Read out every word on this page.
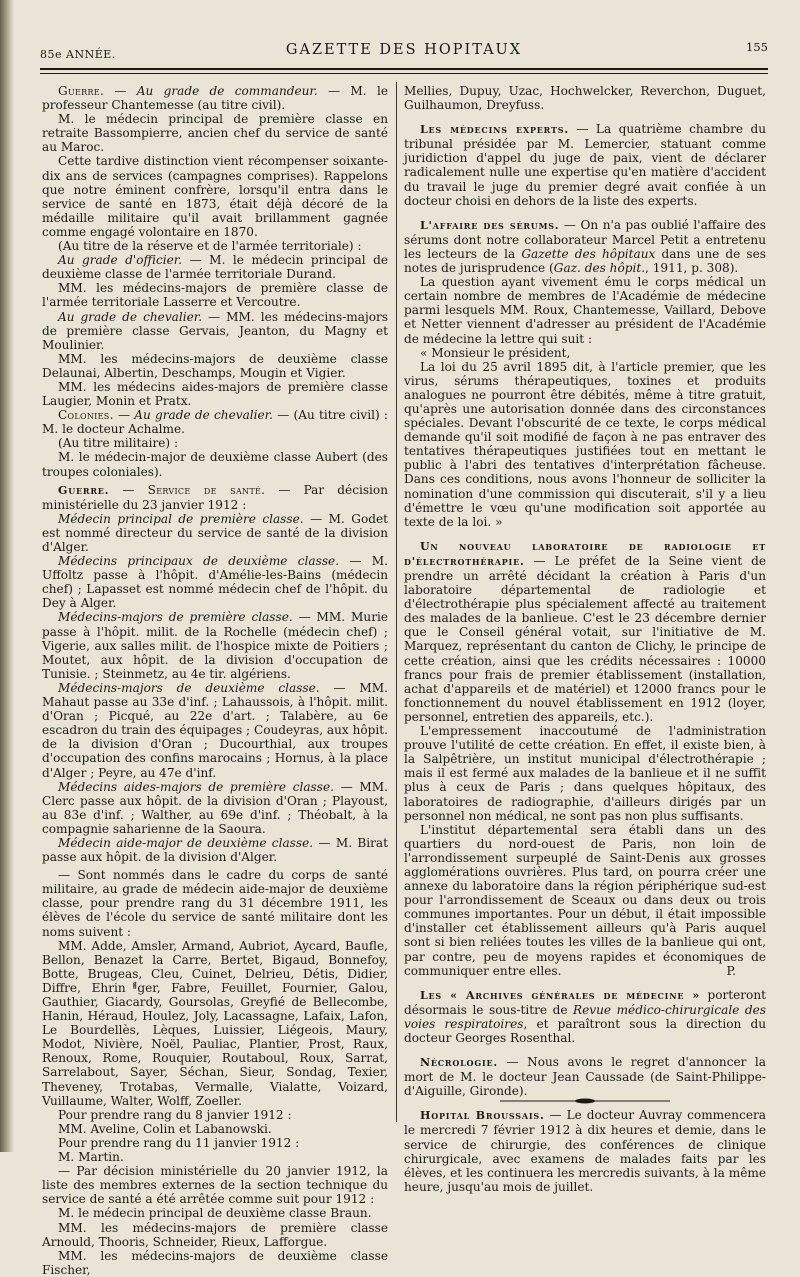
85e ANNÉE.	GAZETTE DES HOPITAUX	155

Guerre. — Au grade de commandeur. — M. le professeur Chantemesse (au titre civil).

M. le médecin principal de première classe en retraite Bassompierre, ancien chef du service de santé au Maroc.

Cette tardive distinction vient récompenser soixante-dix ans de services (campagnes comprises). Rappelons que notre éminent confrère, lorsqu'il entra dans le service de santé en 1873, était déjà décoré de la médaille militaire qu'il avait brillamment gagnée comme engagé volontaire en 1870.

(Au titre de la réserve et de l'armée territoriale) :

Au grade d'officier. — M. le médecin principal de deuxième classe de l'armée territoriale Durand.

MM. les médecins-majors de première classe de l'armée territoriale Lasserre et Vercoutre.

Au grade de chevalier. — MM. les médecins-majors de première classe Gervais, Jeanton, du Magny et Moulinier.

MM. les médecins-majors de deuxième classe Delaunai, Albertin, Deschamps, Mougin et Vigier.

MM. les médecins aides-majors de première classe Laugier, Monin et Pratx.

Colonies. — Au grade de chevalier. — (Au titre civil) : M. le docteur Achalme.

(Au titre militaire) :

M. le médecin-major de deuxième classe Aubert (des troupes coloniales).

Guerre. — Service de santé. — Par décision ministérielle du 23 janvier 1912 :

Médecin principal de première classe. — M. Godet est nommé directeur du service de santé de la division d'Alger.

Médecins principaux de deuxième classe. — M. Uffoltz passe à l'hôpit. d'Amélie-les-Bains (médecin chef) ; Lapasset est nommé médecin chef de l'hôpit. du Dey à Alger.

Médecins-majors de première classe. — MM. Murie passe à l'hôpit. milit. de la Rochelle (médecin chef) ; Vigerie, aux salles milit. de l'hospice mixte de Poitiers ; Moutet, aux hôpit. de la division d'occupation de Tunisie. ; Steinmetz, au 4e tir. algériens.

Médecins-majors de deuxième classe. — MM. Mahaut passe au 33e d'inf. ; Lahaussois, à l'hôpit. milit. d'Oran ; Picqué, au 22e d'art. ; Talabère, au 6e escadron du train des équipages ; Coudeyras, aux hôpit. de la division d'Oran ; Ducourthial, aux troupes d'occupation des confins marocains ; Hornus, à la place d'Alger ; Peyre, au 47e d'inf.

Médecins aides-majors de première classe. — MM. Clerc passe aux hôpit. de la division d'Oran ; Playoust, au 83e d'inf. ; Walther, au 69e d'inf. ; Théobalt, à la compagnie saharienne de la Saoura.

Médecin aide-major de deuxième classe. — M. Birat passe aux hôpit. de la division d'Alger.

— Sont nommés dans le cadre du corps de santé militaire, au grade de médecin aide-major de deuxième classe, pour prendre rang du 31 décembre 1911, les élèves de l'école du service de santé militaire dont les noms suivent :

MM. Adde, Amsler, Armand, Aubriot, Aycard, Baufle, Bellon, Benazet la Carre, Bertet, Bigaud, Bonnefoy, Botte, Brugeas, Cleu, Cuinet, Delrieu, Détis, Didier, Diffre, Ehrinퟀger, Fabre, Feuillet, Fournier, Galou, Gauthier, Giacardy, Goursolas, Greyfié de Bellecombe, Hanin, Héraud, Houlez, Joly, Lacassagne, Lafaix, Lafon, Le Bourdellès, Lèques, Luissier, Liégeois, Maury, Modot, Nivière, Noël, Pauliac, Plantier, Prost, Raux, Renoux, Rome, Rouquier, Routaboul, Roux, Sarrat, Sarrelabout, Sayer, Séchan, Sieur, Sondag, Texier, Theveney, Trotabas, Vermalle, Vialatte, Voizard, Vuillaume, Walter, Wolff, Zoeller.

Pour prendre rang du 8 janvier 1912 :

MM. Aveline, Colin et Labanowski.

Pour prendre rang du 11 janvier 1912 :

M. Martin.

— Par décision ministérielle du 20 janvier 1912, la liste des membres externes de la section technique du service de santé a été arrêtée comme suit pour 1912 :

M. le médecin principal de deuxième classe Braun.

MM. les médecins-majors de première classe Arnould, Thooris, Schneider, Rieux, Lafforgue.

MM. les médecins-majors de deuxième classe Fischer,

Mellies, Dupuy, Uzac, Hochwelcker, Reverchon, Duguet, Guilhaumon, Dreyfuss.

Les médecins experts. — La quatrième chambre du tribunal présidée par M. Lemercier, statuant comme juridiction d'appel du juge de paix, vient de déclarer radicalement nulle une expertise qu'en matière d'accident du travail le juge du premier degré avait confiée à un docteur choisi en dehors de la liste des experts.

L'affaire des sérums. — On n'a pas oublié l'affaire des sérums dont notre collaborateur Marcel Petit a entretenu les lecteurs de la Gazette des hôpitaux dans une de ses notes de jurisprudence (Gaz. des hôpit., 1911, p. 308).

La question ayant vivement ému le corps médical un certain nombre de membres de l'Académie de médecine parmi lesquels MM. Roux, Chantemesse, Vaillard, Debove et Netter viennent d'adresser au président de l'Académie de médecine la lettre qui suit :

« Monsieur le président,

La loi du 25 avril 1895 dit, à l'article premier, que les virus, sérums thérapeutiques, toxines et produits analogues ne pourront être débités, même à titre gratuit, qu'après une autorisation donnée dans des circonstances spéciales. Devant l'obscurité de ce texte, le corps médical demande qu'il soit modifié de façon à ne pas entraver des tentatives thérapeutiques justifiées tout en mettant le public à l'abri des tentatives d'interprétation fâcheuse. Dans ces conditions, nous avons l'honneur de solliciter la nomination d'une commission qui discuterait, s'il y a lieu d'émettre le vœu qu'une modification soit apportée au texte de la loi. »

Un nouveau laboratoire de radiologie et d'électrothérapie. — Le préfet de la Seine vient de prendre un arrêté décidant la création à Paris d'un laboratoire départemental de radiologie et d'électrothérapie plus spécialement affecté au traitement des malades de la banlieue. C'est le 23 décembre dernier que le Conseil général votait, sur l'initiative de M. Marquez, représentant du canton de Clichy, le principe de cette création, ainsi que les crédits nécessaires : 10000 francs pour frais de premier établissement (installation, achat d'appareils et de matériel) et 12000 francs pour le fonctionnement du nouvel établissement en 1912 (loyer, personnel, entretien des appareils, etc.).

L'empressement inaccoutumé de l'administration prouve l'utilité de cette création. En effet, il existe bien, à la Salpêtrière, un institut municipal d'électrothérapie ; mais il est fermé aux malades de la banlieue et il ne suffit plus à ceux de Paris ; dans quelques hôpitaux, des laboratoires de radiographie, d'ailleurs dirigés par un personnel non médical, ne sont pas non plus suffisants.

L'institut départemental sera établi dans un des quartiers du nord-ouest de Paris, non loin de l'arrondissement surpeuplé de Saint-Denis aux grosses agglomérations ouvrières. Plus tard, on pourra créer une annexe du laboratoire dans la région périphérique sud-est pour l'arrondissement de Sceaux ou dans deux ou trois communes importantes. Pour un début, il était impossible d'installer cet établissement ailleurs qu'à Paris auquel sont si bien reliées toutes les villes de la banlieue qui ont, par contre, peu de moyens rapides et économiques de communiquer entre elles.	P.

Les « Archives générales de médecine » porteront désormais le sous-titre de Revue médico-chirurgicale des voies respiratoires, et paraîtront sous la direction du docteur Georges Rosenthal.

Nécrologie. — Nous avons le regret d'annoncer la mort de M. le docteur Jean Caussade (de Saint-Philippe-d'Aiguille, Gironde).

Hopital Broussais. — Le docteur Auvray commencera le mercredi 7 février 1912 à dix heures et demie, dans le service de chirurgie, des conférences de clinique chirurgicale, avec examens de malades faits par les élèves, et les continuera les mercredis suivants, à la même heure, jusqu'au mois de juillet.
